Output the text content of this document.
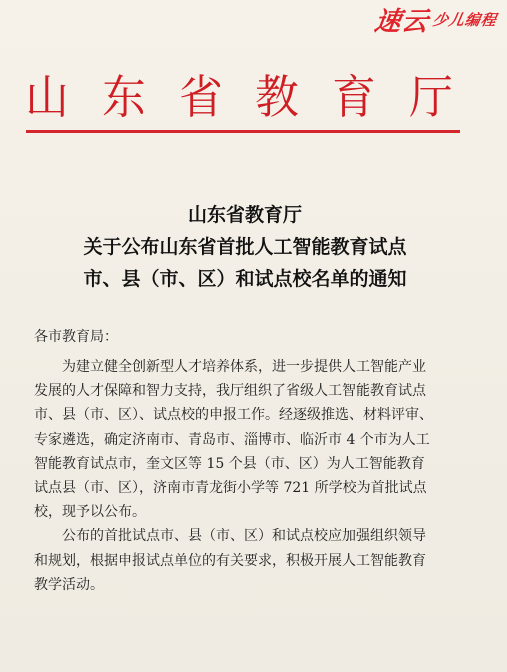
速云 少儿编程
山 东 省 教 育 厅
山东省教育厅
关于公布山东省首批人工智能教育试点
市、县（市、区）和试点校名单的通知
各市教育局：
为建立健全创新型人才培养体系，进一步提供人工智能产业
发展的人才保障和智力支持，我厅组织了省级人工智能教育试点
市、县（市、区）、试点校的申报工作。经逐级推选、材料评审、
专家遴选，确定济南市、青岛市、淄博市、临沂市 4 个市为人工
智能教育试点市，奎文区等 15 个县（市、区）为人工智能教育
试点县（市、区），济南市青龙街小学等 721 所学校为首批试点
校，现予以公布。
公布的首批试点市、县（市、区）和试点校应加强组织领导
和规划，根据申报试点单位的有关要求，积极开展人工智能教育
教学活动。
